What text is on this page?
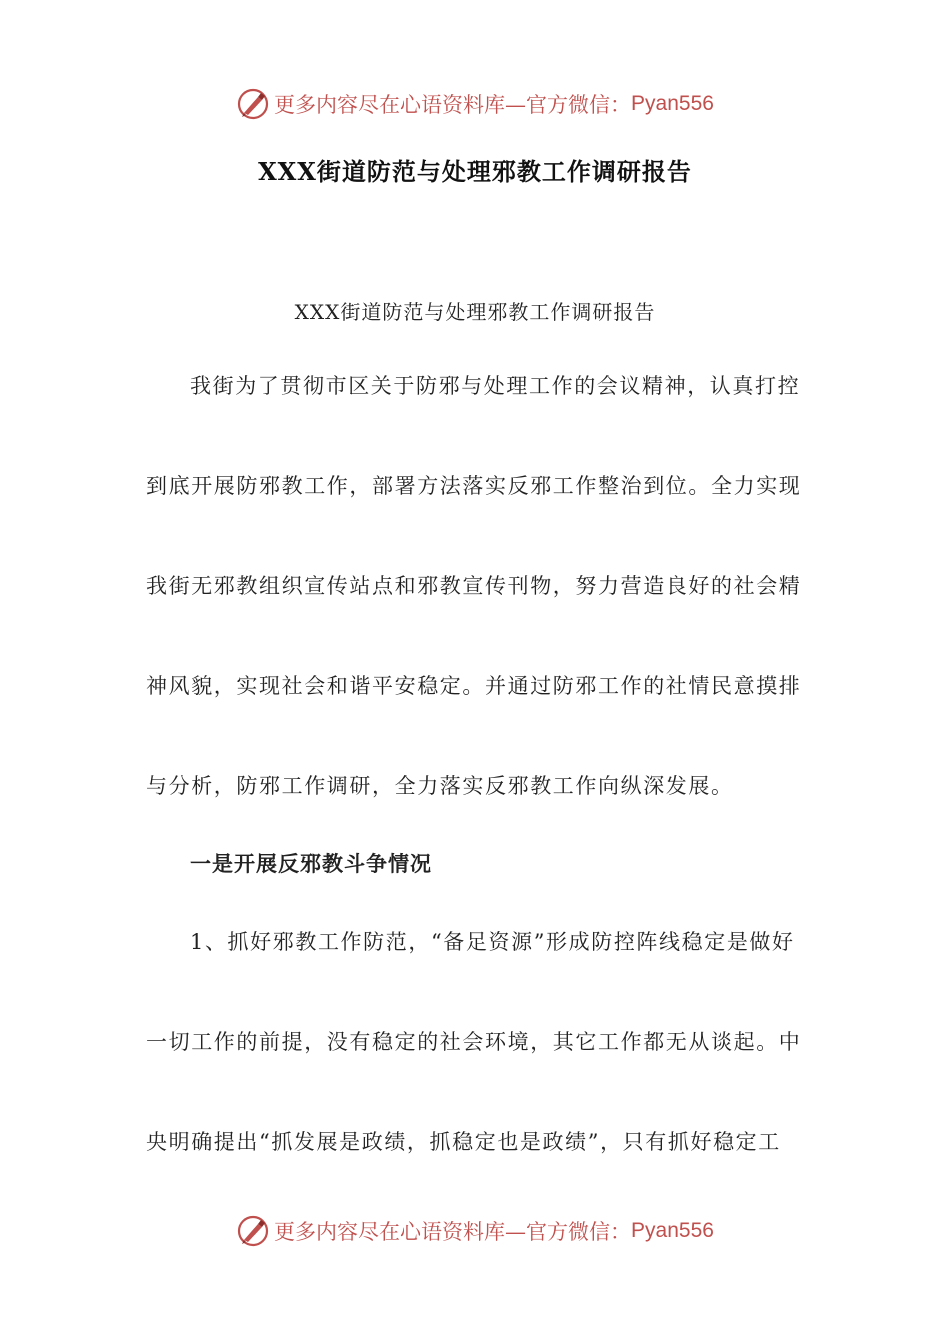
更多内容尽在心语资料库—官方微信： Pyan556
XXX街道防范与处理邪教工作调研报告
XXX街道防范与处理邪教工作调研报告
我街为了贯彻市区关于防邪与处理工作的会议精神，认真打控
到底开展防邪教工作，部署方法落实反邪工作整治到位。全力实现
我街无邪教组织宣传站点和邪教宣传刊物，努力营造良好的社会精
神风貌，实现社会和谐平安稳定。并通过防邪工作的社情民意摸排
与分析，防邪工作调研，全力落实反邪教工作向纵深发展。
一是开展反邪教斗争情况
1、抓好邪教工作防范，“备足资源”形成防控阵线稳定是做好
一切工作的前提，没有稳定的社会环境，其它工作都无从谈起。中
央明确提出“抓发展是政绩，抓稳定也是政绩”，只有抓好稳定工
更多内容尽在心语资料库—官方微信： Pyan556
